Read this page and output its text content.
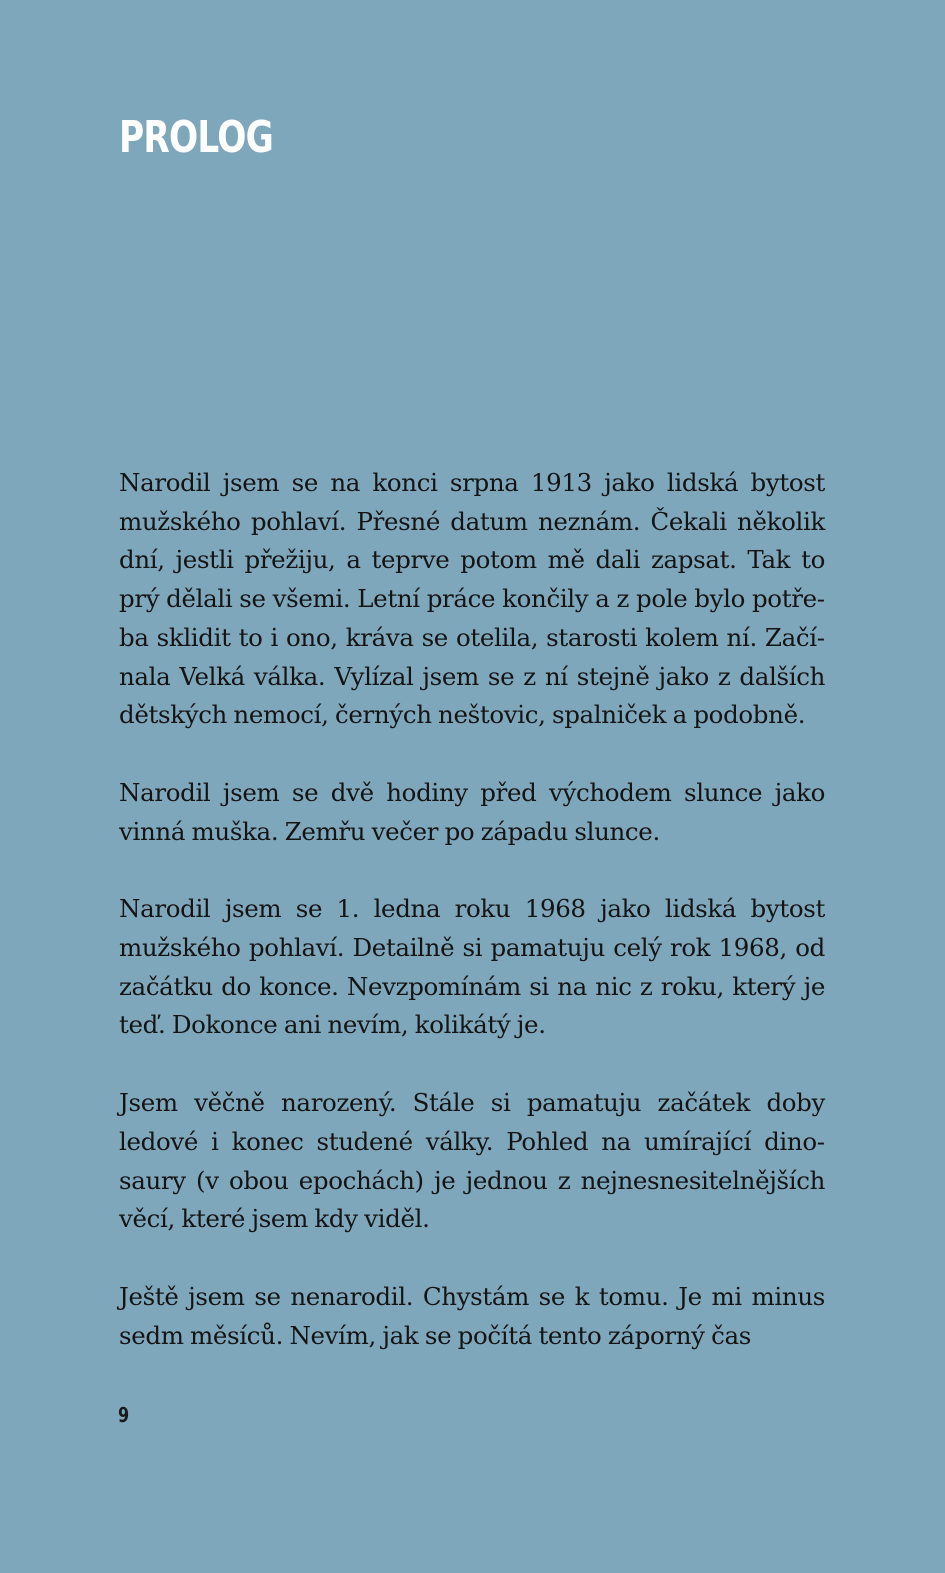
PROLOG

Narodil jsem se na konci srpna 1913 jako lidská bytost mužského pohlaví. Přesné datum neznám. Čekali několik dní, jestli přežiju, a teprve potom mě dali zapsat. Tak to prý dělali se všemi. Letní práce končily a z pole bylo potřeba sklidit to i ono, kráva se otelila, starosti kolem ní. Začínala Velká válka. Vylízal jsem se z ní stejně jako z dalších dětských nemocí, černých neštovic, spalniček a podobně.

Narodil jsem se dvě hodiny před východem slunce jako vinná muška. Zemřu večer po západu slunce.

Narodil jsem se 1. ledna roku 1968 jako lidská bytost mužského pohlaví. Detailně si pamatuju celý rok 1968, od začátku do konce. Nevzpomínám si na nic z roku, který je teď. Dokonce ani nevím, kolikátý je.

Jsem věčně narozený. Stále si pamatuju začátek doby ledové i konec studené války. Pohled na umírající dinosaury (v obou epochách) je jednou z nejnesnesitelnějších věcí, které jsem kdy viděl.

Ještě jsem se nenarodil. Chystám se k tomu. Je mi minus sedm měsíců. Nevím, jak se počítá tento záporný čas

9
